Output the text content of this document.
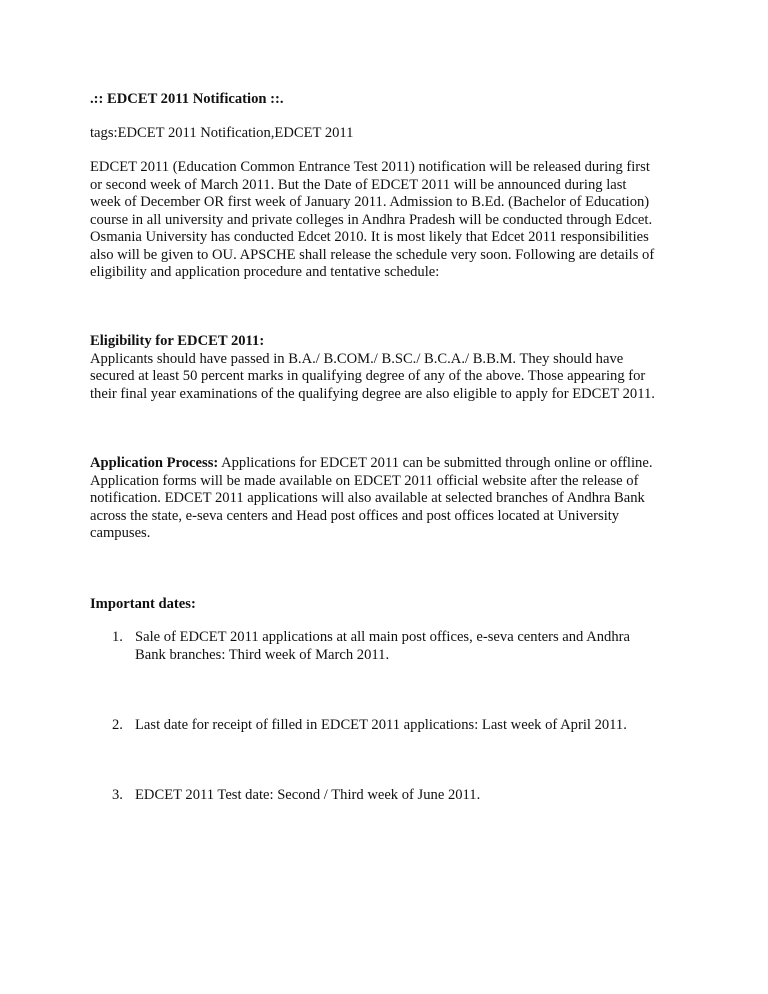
.:: EDCET 2011 Notification ::.
tags:EDCET 2011 Notification,EDCET 2011
EDCET 2011 (Education Common Entrance Test 2011) notification will be released during first
or second week of March 2011. But the Date of EDCET 2011 will be announced during last
week of December OR first week of January 2011. Admission to B.Ed. (Bachelor of Education)
course in all university and private colleges in Andhra Pradesh will be conducted through Edcet.
Osmania University has conducted Edcet 2010. It is most likely that Edcet 2011 responsibilities
also will be given to OU. APSCHE shall release the schedule very soon. Following are details of
eligibility and application procedure and tentative schedule:
Eligibility for EDCET 2011:
Applicants should have passed in B.A./ B.COM./ B.SC./ B.C.A./ B.B.M. They should have
secured at least 50 percent marks in qualifying degree of any of the above. Those appearing for
their final year examinations of the qualifying degree are also eligible to apply for EDCET 2011.
Application Process: Applications for EDCET 2011 can be submitted through online or offline.
Application forms will be made available on EDCET 2011 official website after the release of
notification. EDCET 2011 applications will also available at selected branches of Andhra Bank
across the state, e-seva centers and Head post offices and post offices located at University
campuses.
Important dates:
1. Sale of EDCET 2011 applications at all main post offices, e-seva centers and Andhra
Bank branches: Third week of March 2011.
2. Last date for receipt of filled in EDCET 2011 applications: Last week of April 2011.
3. EDCET 2011 Test date: Second / Third week of June 2011.
